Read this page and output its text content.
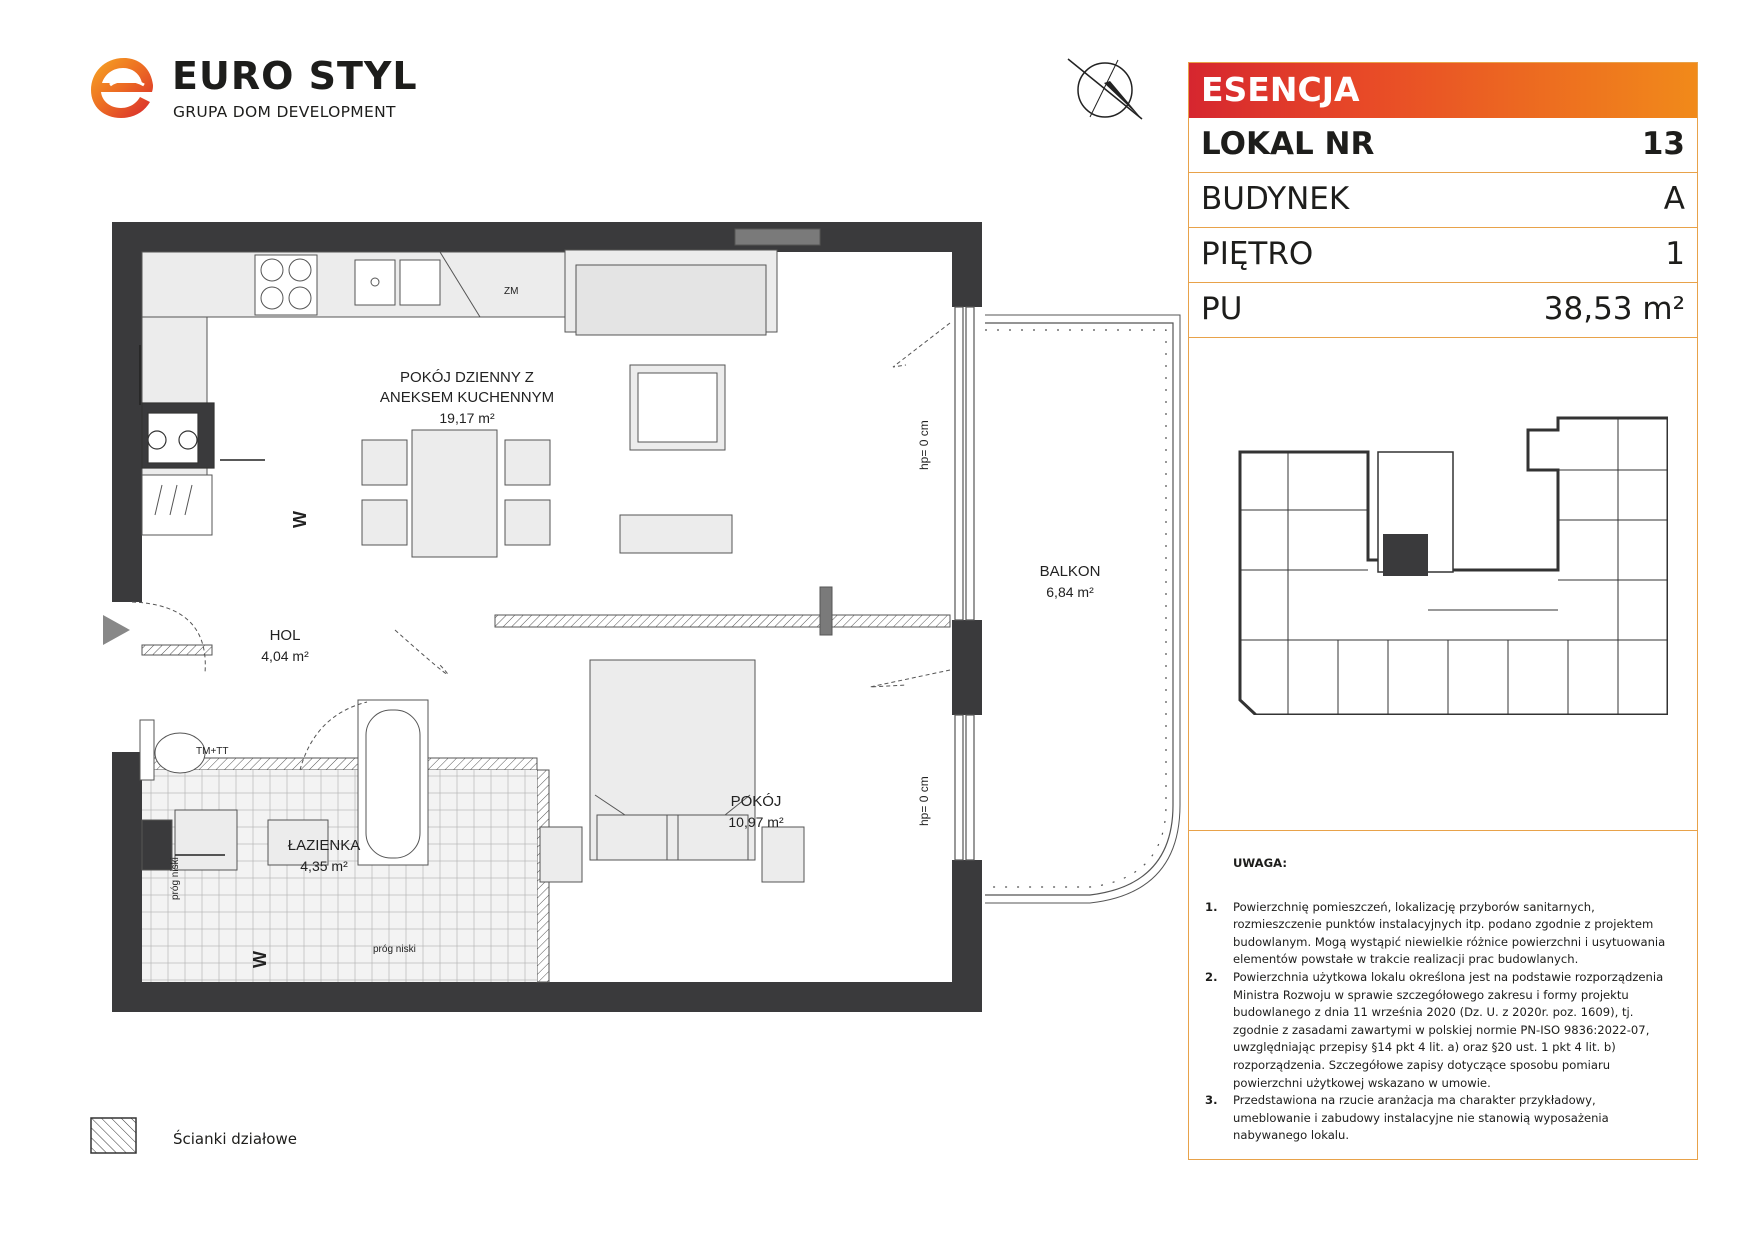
EURO STYL
GRUPA DOM DEVELOPMENT
POKÓJ DZIENNY Z
ANEKSEM KUCHENNYM
19,17 m²
HOL
4,04 m²
ŁAZIENKA
4,35 m²
POKÓJ
10,97 m²
BALKON
6,84 m²
hp= 0 cm
hp= 0 cm
ZM
TM+TT
próg niski
próg niski
W
W
ESENCJA
LOKAL NR	13
BUDYNEK	A
PIĘTRO	1
PU	38,53 m²
UWAGA:
1. Powierzchnię pomieszczeń, lokalizację przyborów sanitarnych, rozmieszczenie punktów instalacyjnych itp. podano zgodnie z projektem budowlanym. Mogą wystąpić niewielkie różnice powierzchni i usytuowania elementów powstałe w trakcie realizacji prac budowlanych.
2. Powierzchnia użytkowa lokalu określona jest na podstawie rozporządzenia Ministra Rozwoju w sprawie szczegółowego zakresu i formy projektu budowlanego z dnia 11 września 2020 (Dz. U. z 2020r. poz. 1609), tj. zgodnie z zasadami zawartymi w polskiej normie PN-ISO 9836:2022-07, uwzględniając przepisy §14 pkt 4 lit. a) oraz §20 ust. 1 pkt 4 lit. b) rozporządzenia. Szczegółowe zapisy dotyczące sposobu pomiaru powierzchni użytkowej wskazano w umowie.
3. Przedstawiona na rzucie aranżacja ma charakter przykładowy, umeblowanie i zabudowy instalacyjne nie stanowią wyposażenia nabywanego lokalu.
Ścianki działowe
